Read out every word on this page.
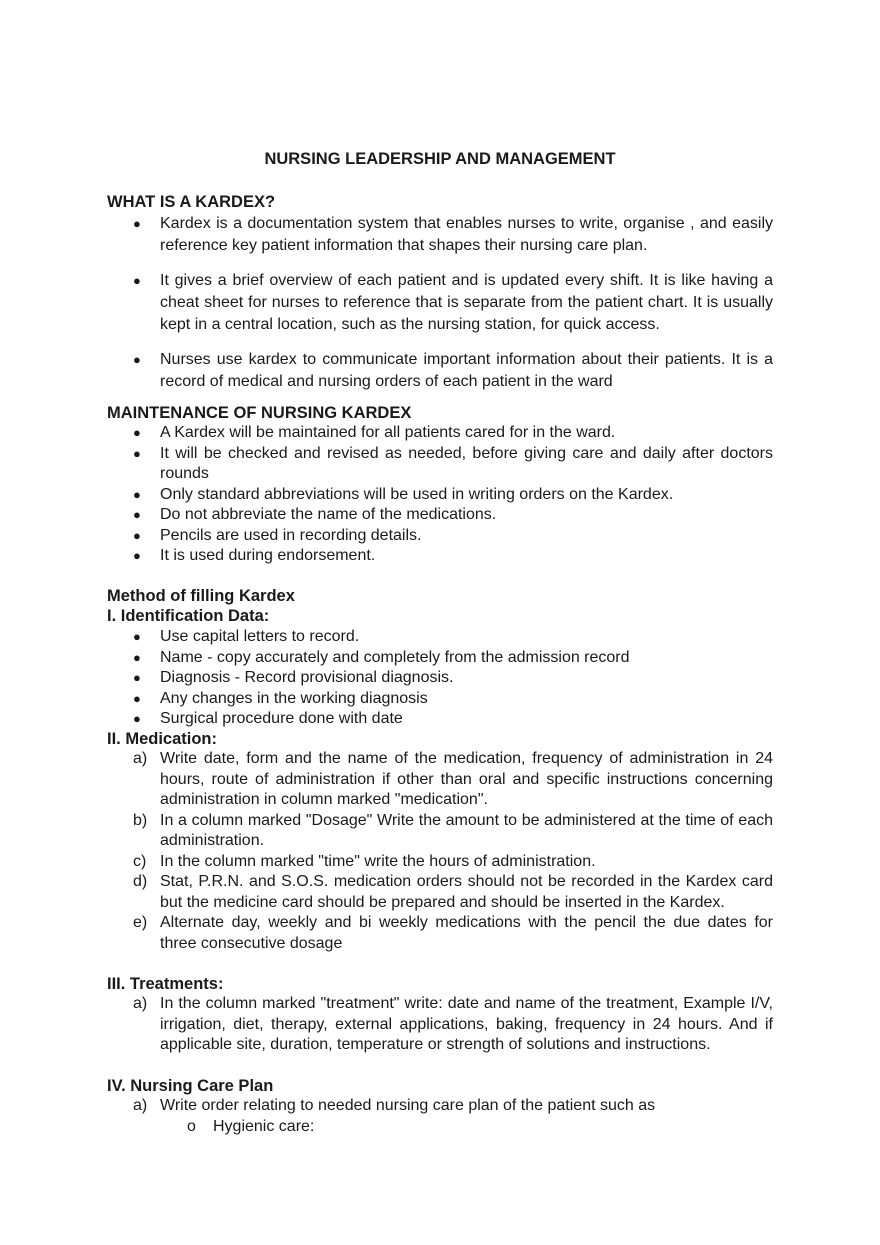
NURSING LEADERSHIP AND MANAGEMENT
WHAT IS A KARDEX?
● Kardex is a documentation system that enables nurses to write, organise , and easily reference key patient information that shapes their nursing care plan.
● It gives a brief overview of each patient and is updated every shift. It is like having a cheat sheet for nurses to reference that is separate from the patient chart. It is usually kept in a central location, such as the nursing station, for quick access.
● Nurses use kardex to communicate important information about their patients. It is a record of medical and nursing orders of each patient in the ward
MAINTENANCE OF NURSING KARDEX
● A Kardex will be maintained for all patients cared for in the ward.
● It will be checked and revised as needed, before giving care and daily after doctors rounds
● Only standard abbreviations will be used in writing orders on the Kardex.
● Do not abbreviate the name of the medications.
● Pencils are used in recording details.
● It is used during endorsement.
Method of filling Kardex
I. Identification Data:
● Use capital letters to record.
● Name - copy accurately and completely from the admission record
● Diagnosis - Record provisional diagnosis.
● Any changes in the working diagnosis
● Surgical procedure done with date
II. Medication:
a) Write date, form and the name of the medication, frequency of administration in 24 hours, route of administration if other than oral and specific instructions concerning administration in column marked "medication".
b) In a column marked "Dosage" Write the amount to be administered at the time of each administration.
c) In the column marked "time" write the hours of administration.
d) Stat, P.R.N. and S.O.S. medication orders should not be recorded in the Kardex card but the medicine card should be prepared and should be inserted in the Kardex.
e) Alternate day, weekly and bi weekly medications with the pencil the due dates for three consecutive dosage
III. Treatments:
a) In the column marked "treatment" write: date and name of the treatment, Example I/V, irrigation, diet, therapy, external applications, baking, frequency in 24 hours. And if applicable site, duration, temperature or strength of solutions and instructions.
IV. Nursing Care Plan
a) Write order relating to needed nursing care plan of the patient such as
o Hygienic care:
